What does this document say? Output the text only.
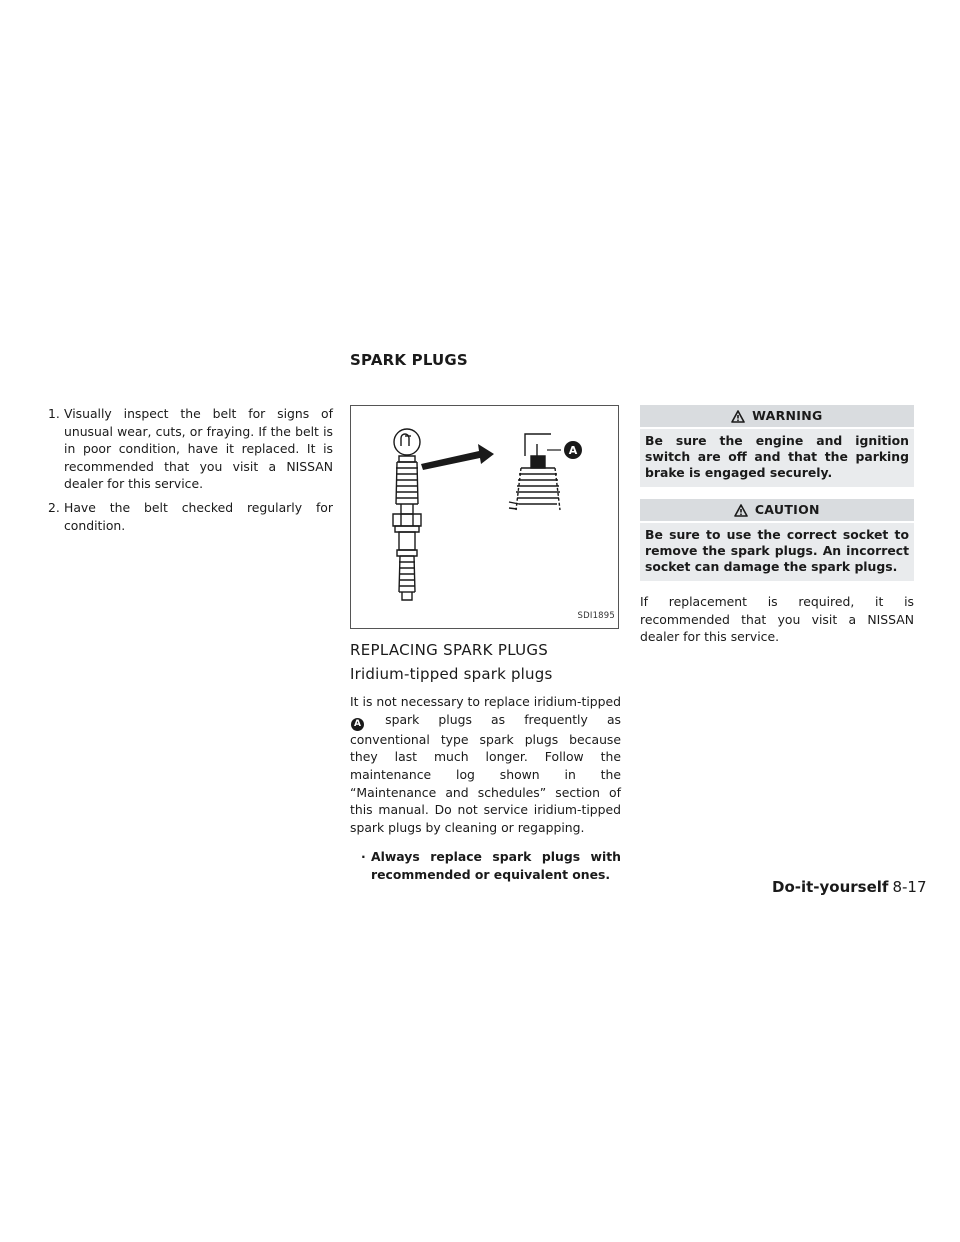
SPARK PLUGS
1. Visually inspect the belt for signs of unusual wear, cuts, or fraying. If the belt is in poor condition, have it replaced. It is recommended that you visit a NISSAN dealer for this service.
2. Have the belt checked regularly for condition.
A
SDI1895
REPLACING SPARK PLUGS
Iridium-tipped spark plugs

It is not necessary to replace iridium-tipped A spark plugs as frequently as conventional type spark plugs because they last much longer. Follow the maintenance log shown in the “Maintenance and schedules” section of this manual. Do not service iridium-tipped spark plugs by cleaning or regapping.

· Always replace spark plugs with recommended or equivalent ones.
WARNING
Be sure the engine and ignition switch are off and that the parking brake is engaged securely.
CAUTION
Be sure to use the correct socket to remove the spark plugs. An incorrect socket can damage the spark plugs.

If replacement is required, it is recommended that you visit a NISSAN dealer for this service.

Do-it-yourself 8-17
